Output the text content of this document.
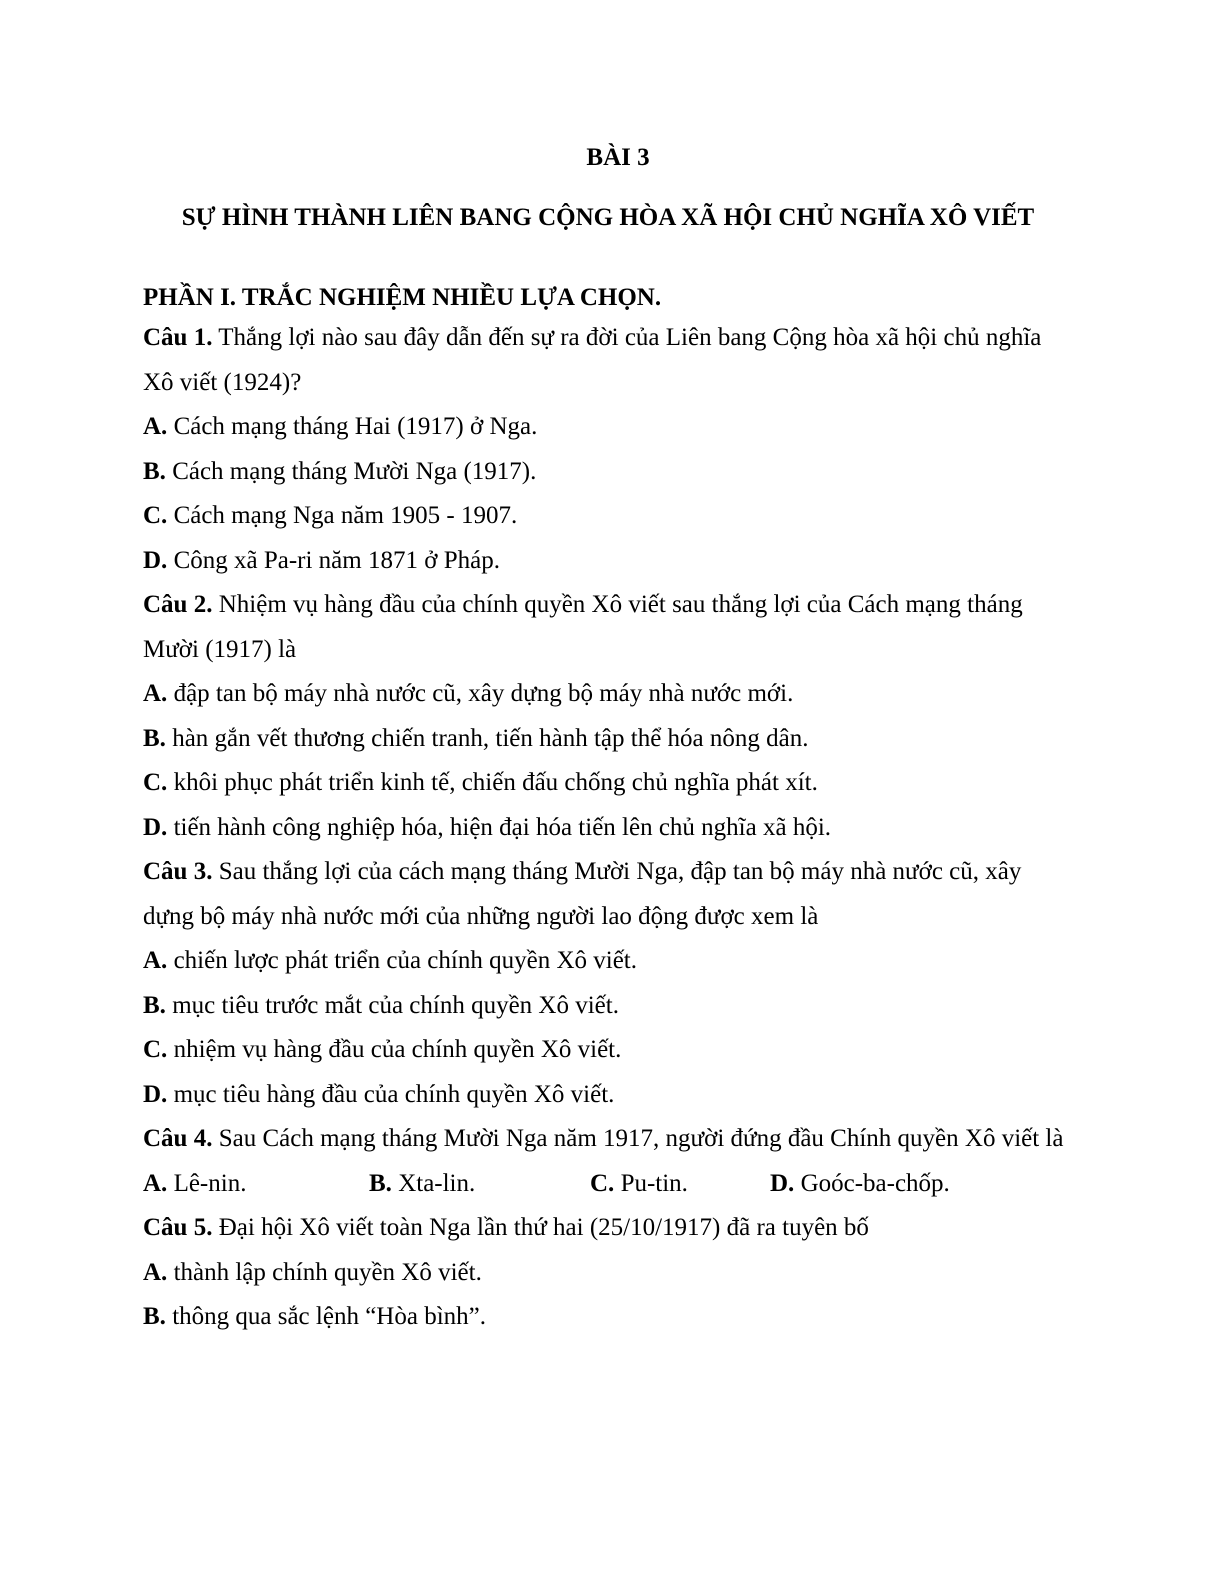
BÀI 3

SỰ HÌNH THÀNH LIÊN BANG CỘNG HÒA XÃ HỘI CHỦ NGHĨA XÔ VIẾT

PHẦN I. TRẮC NGHIỆM NHIỀU LỰA CHỌN.

Câu 1. Thắng lợi nào sau đây dẫn đến sự ra đời của Liên bang Cộng hòa xã hội chủ nghĩa Xô viết (1924)?

A. Cách mạng tháng Hai (1917) ở Nga.

B. Cách mạng tháng Mười Nga (1917).

C. Cách mạng Nga năm 1905 - 1907.

D. Công xã Pa-ri năm 1871 ở Pháp.

Câu 2. Nhiệm vụ hàng đầu của chính quyền Xô viết sau thắng lợi của Cách mạng tháng Mười (1917) là

A. đập tan bộ máy nhà nước cũ, xây dựng bộ máy nhà nước mới.

B. hàn gắn vết thương chiến tranh, tiến hành tập thể hóa nông dân.

C. khôi phục phát triển kinh tế, chiến đấu chống chủ nghĩa phát xít.

D. tiến hành công nghiệp hóa, hiện đại hóa tiến lên chủ nghĩa xã hội.

Câu 3. Sau thắng lợi của cách mạng tháng Mười Nga, đập tan bộ máy nhà nước cũ, xây dựng bộ máy nhà nước mới của những người lao động được xem là

A. chiến lược phát triển của chính quyền Xô viết.

B. mục tiêu trước mắt của chính quyền Xô viết.

C. nhiệm vụ hàng đầu của chính quyền Xô viết.

D. mục tiêu hàng đầu của chính quyền Xô viết.

Câu 4. Sau Cách mạng tháng Mười Nga năm 1917, người đứng đầu Chính quyền Xô viết là

A. Lê-nin.	B. Xta-lin.	C. Pu-tin.	D. Goóc-ba-chốp.

Câu 5. Đại hội Xô viết toàn Nga lần thứ hai (25/10/1917) đã ra tuyên bố

A. thành lập chính quyền Xô viết.

B. thông qua sắc lệnh “Hòa bình”.
